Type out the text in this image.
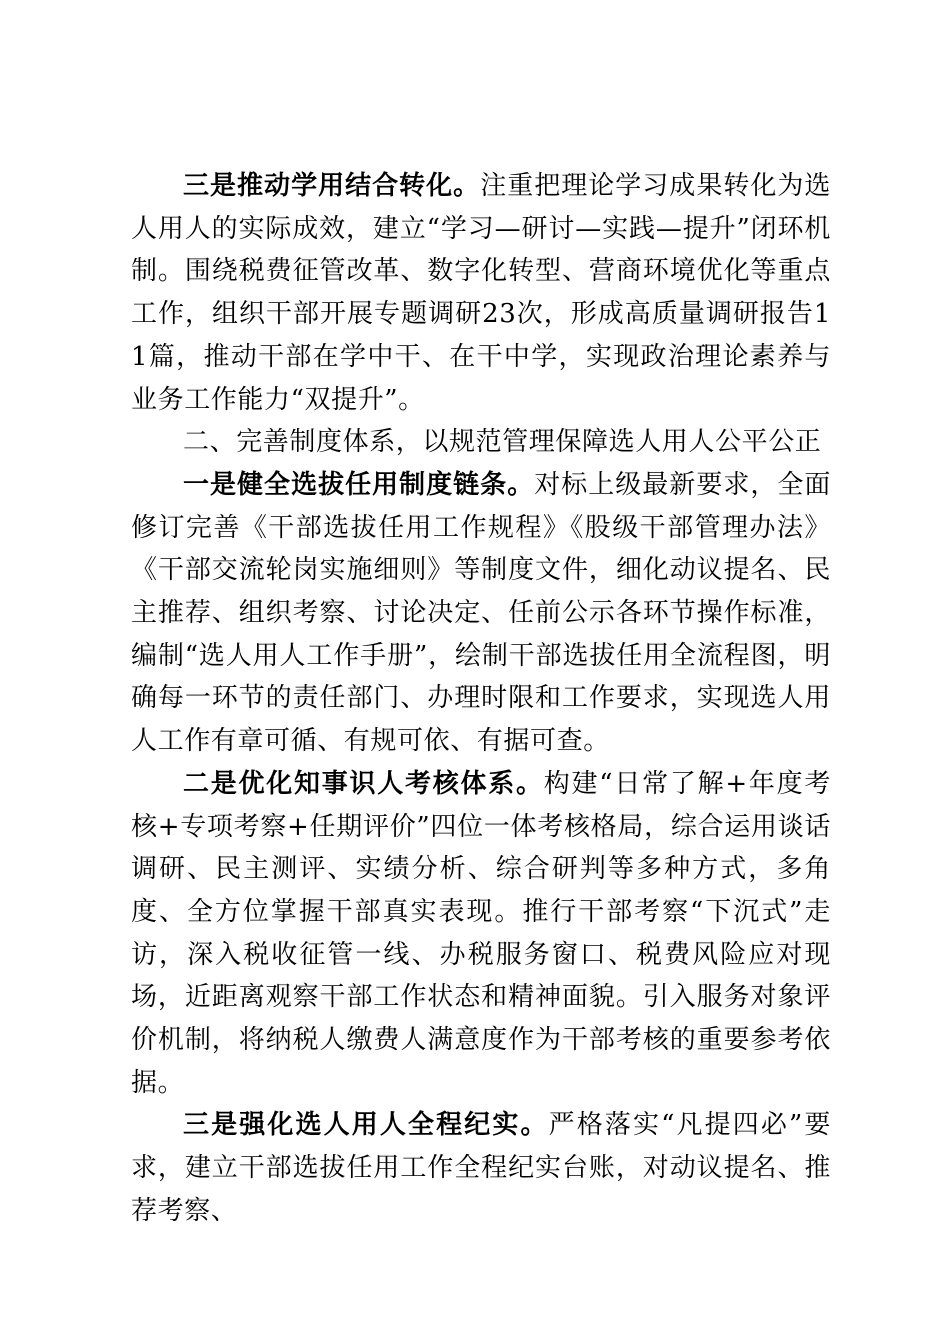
三是推动学用结合转化。注重把理论学习成果转化为选人用人的实际成效，建立“学习—研讨—实践—提升”闭环机制。围绕税费征管改革、数字化转型、营商环境优化等重点工作，组织干部开展专题调研23次，形成高质量调研报告11篇，推动干部在学中干、在干中学，实现政治理论素养与业务工作能力“双提升”。

二、完善制度体系，以规范管理保障选人用人公平公正

一是健全选拔任用制度链条。对标上级最新要求，全面修订完善《干部选拔任用工作规程》《股级干部管理办法》《干部交流轮岗实施细则》等制度文件，细化动议提名、民主推荐、组织考察、讨论决定、任前公示各环节操作标准，编制“选人用人工作手册”，绘制干部选拔任用全流程图，明确每一环节的责任部门、办理时限和工作要求，实现选人用人工作有章可循、有规可依、有据可查。

二是优化知事识人考核体系。构建“日常了解+年度考核+专项考察+任期评价”四位一体考核格局，综合运用谈话调研、民主测评、实绩分析、综合研判等多种方式，多角度、全方位掌握干部真实表现。推行干部考察“下沉式”走访，深入税收征管一线、办税服务窗口、税费风险应对现场，近距离观察干部工作状态和精神面貌。引入服务对象评价机制，将纳税人缴费人满意度作为干部考核的重要参考依据。

三是强化选人用人全程纪实。严格落实“凡提四必”要求，建立干部选拔任用工作全程纪实台账，对动议提名、推荐考察、
